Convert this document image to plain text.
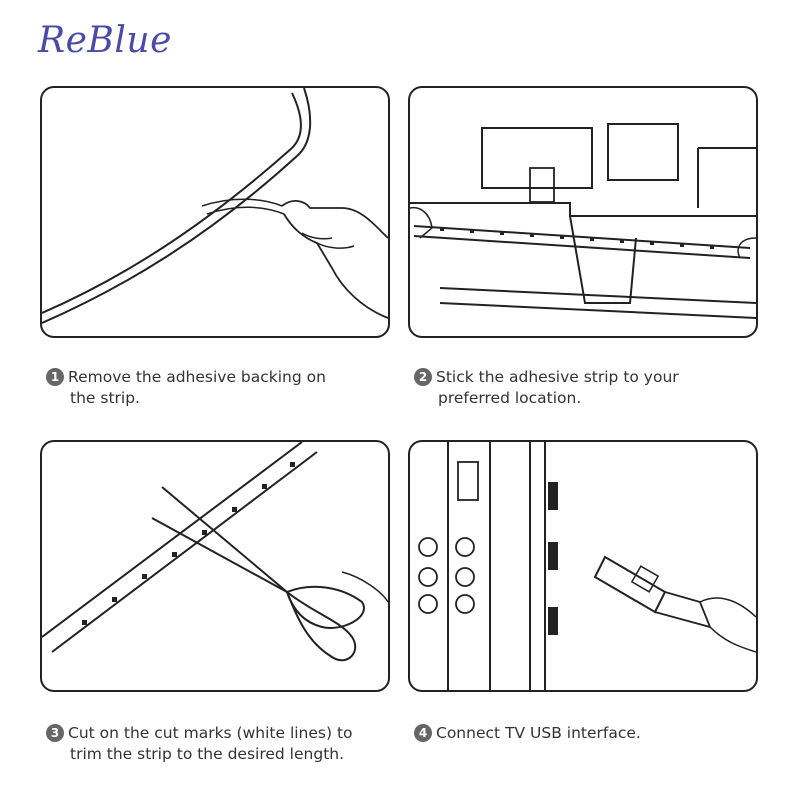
ReBlue
1 Remove the adhesive backing on
the strip.
2 Stick the adhesive strip to your
preferred location.
3 Cut on the cut marks (white lines) to
trim the strip to the desired length.
4 Connect TV USB interface.
